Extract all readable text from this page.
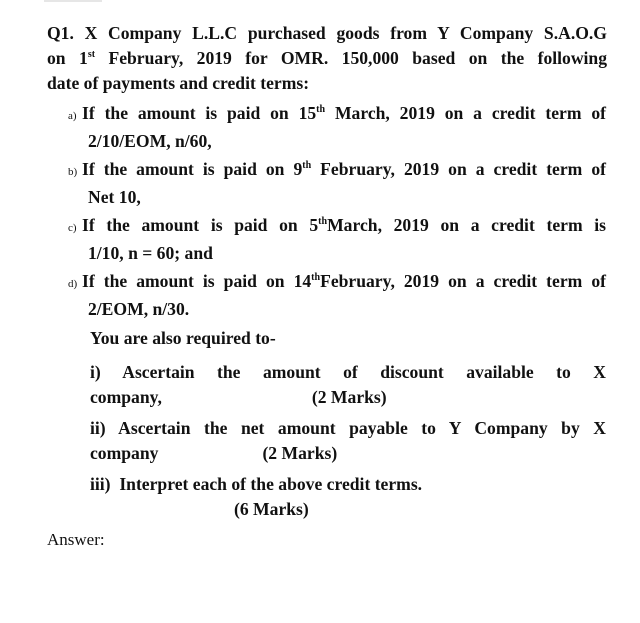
Q1. X Company L.L.C purchased goods from Y Company S.A.O.G
on 1st February, 2019 for OMR. 150,000 based on the following
date of payments and credit terms:
a) If the amount is paid on 15th March, 2019 on a credit term of
2/10/EOM, n/60,
b) If the amount is paid on 9th February, 2019 on a credit term of
Net 10,
c) If the amount is paid on 5thMarch, 2019 on a credit term is
1/10, n = 60; and
d) If the amount is paid on 14thFebruary, 2019 on a credit term of
2/EOM, n/30.
You are also required to-
i)   Ascertain   the   amount   of   discount   available   to   X
company,	(2 Marks)
ii) Ascertain the net amount payable to Y Company by X
company	(2 Marks)
iii)  Interpret each of the above credit terms.
(6 Marks)
Answer:
